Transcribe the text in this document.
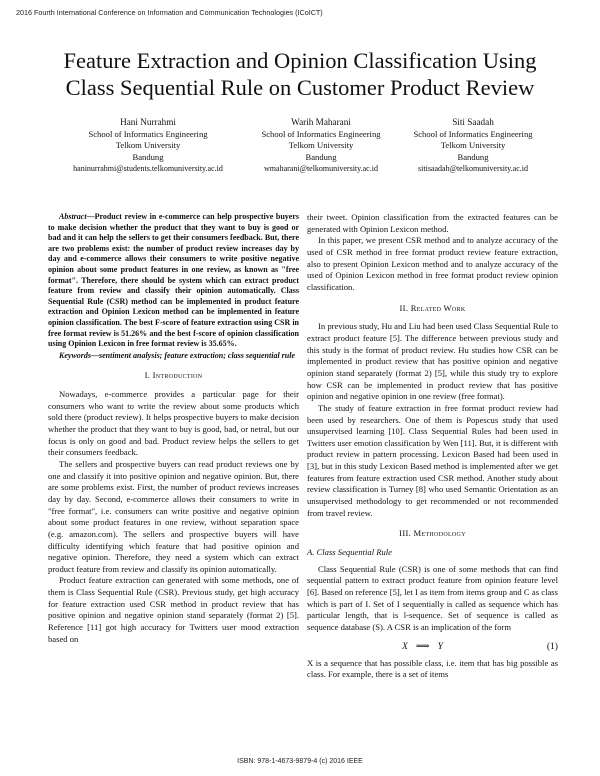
2016 Fourth International Conference on Information and Communication Technologies (ICoICT)
Feature Extraction and Opinion Classification Using
Class Sequential Rule on Customer Product Review
Hani Nurrahmi
School of Informatics Engineering
Telkom University
Bandung
haninurrahmi@students.telkomuniversity.ac.id
Warih Maharani
School of Informatics Engineering
Telkom University
Bandung
wmaharani@telkomuniversity.ac.id
Siti Saadah
School of Informatics Engineering
Telkom University
Bandung
sitisaadah@telkomuniversity.ac.id

Abstract—Product review in e-commerce can help prospective buyers to make decision whether the product that they want to buy is good or bad and it can help the sellers to get their consumers feedback. But, there are two problems exist: the number of product review increases day by day and e-commerce allows their consumers to write positive negative opinion about some product features in one review, as known as "free format". Therefore, there should be system which can extract product feature from review and classify their opinion automatically. Class Sequential Rule (CSR) method can be implemented in product feature extraction and Opinion Lexicon method can be implemented in feature opinion classification. The best F-score of feature extraction using CSR in free format review is 51.26% and the best f-score of opinion classification using Opinion Lexicon in free format review is 35.65%.

Keywords—sentiment analysis; feature extraction; class sequential rule

I. Introduction

Nowadays, e-commerce provides a particular page for their consumers who want to write the review about some products which sold there (product review). It helps prospective buyers to make decision whether the product that they want to buy is good, bad, or netral, but our focus is only on good and bad. Product review helps the sellers to get their consumers feedback.

The sellers and prospective buyers can read product reviews one by one and classify it into positive opinion and negative opinion. But, there are some problems exist. First, the number of product reviews increases day by day. Second, e-commerce allows their consumers to write in "free format", i.e. consumers can write positive and negative opinion about some product features in one review, without separation space (e.g. amazon.com). The sellers and prospective buyers will have difficulty identifying which feature that had positive opinion and negative opinion. Therefore, they need a system which can extract product feature from review and classify its opinion automatically.

Product feature extraction can generated with some methods, one of them is Class Sequential Rule (CSR). Previous study, get high accuracy for feature extraction used CSR method in product review that has positive opinion and negative opinion stand separately (format 2) [5]. Reference [11] got high accuracy for Twitters user mood extraction based on

their tweet. Opinion classification from the extracted features can be generated with Opinion Lexicon method.

In this paper, we present CSR method and to analyze accuracy of the used of CSR method in free format product review feature extraction, also to present Opinion Lexicon method and to analyze accuracy of the used of Opinion Lexicon method in free format product review opinion classification.

II. Related Work

In previous study, Hu and Liu had been used Class Sequential Rule to extract product feature [5]. The difference between previous study and this study is the format of product review. Hu studies how CSR can be implemented in product review that has positive opinion and negative opinion stand separately (format 2) [5], while this study try to explore how CSR can be implemented in product review that has positive opinion and negative opinion in one review (free format).

The study of feature extraction in free format product review had been used by researchers. One of them is Popescus study that used unsupervised learning [10]. Class Sequential Rules had been used in Twitters user emotion classification by Wen [11]. But, it is different with product review in pattern processing. Lexicon Based had been used in [3], but in this study Lexicon Based method is implemented after we get features from feature extraction used CSR method. Another study about review classification is Turney [8] who used Semantic Orientation as an unsupervised methodology to get recommended or not recommended from travel review.

III. Methodology

A. Class Sequential Rule

Class Sequential Rule (CSR) is one of some methods that can find sequential pattern to extract product feature from opinion feature level [6]. Based on reference [5], let I as item from items group and C as class which is part of I. Set of I sequentially is called as sequence which has particular length, that is l-sequence. Set of sequence is called as sequence database (S). A CSR is an implication of the form

X ⟹ Y	(1)

X is a sequence that has possible class, i.e. item that has big possible as class. For example, there is a set of items

ISBN: 978-1-4673-9879-4 (c) 2016 IEEE
